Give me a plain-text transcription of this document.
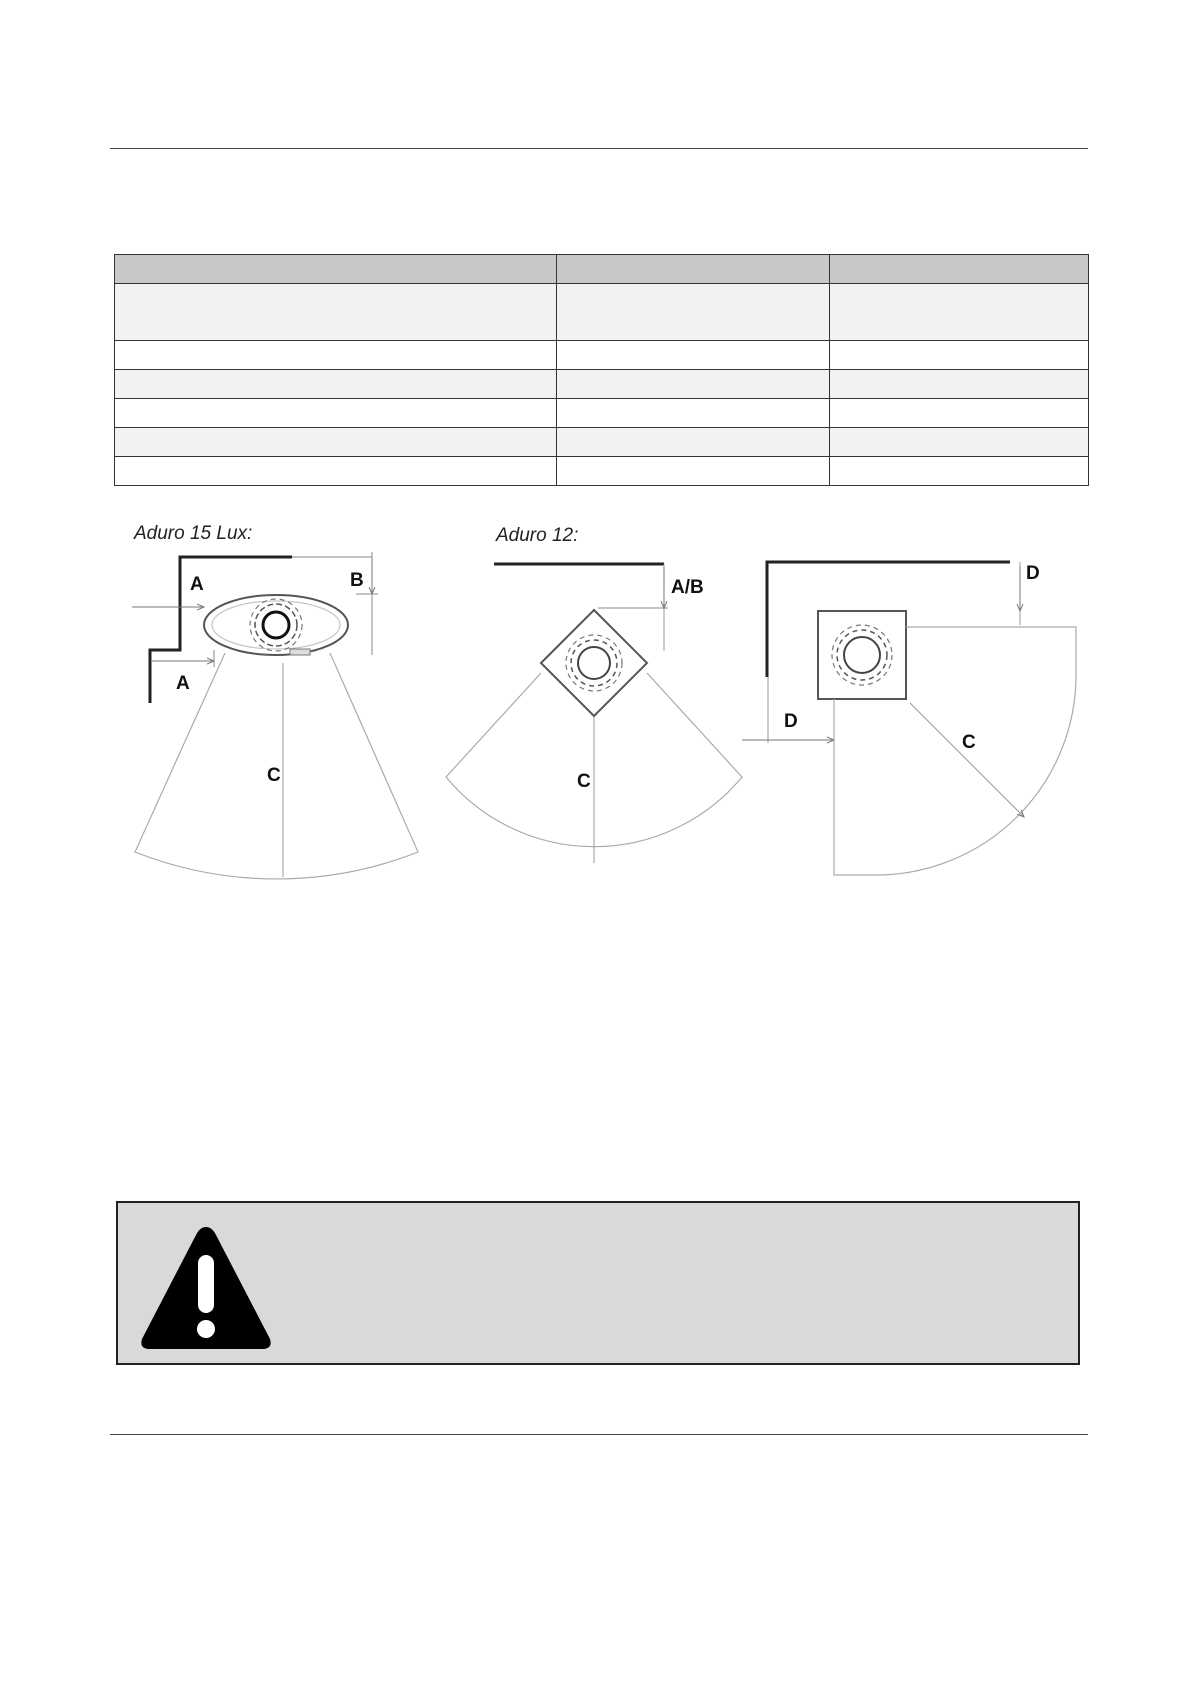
Aduro 15 Lux:
A
A
B
C
Aduro 12:
A/B
C
D
D
C
